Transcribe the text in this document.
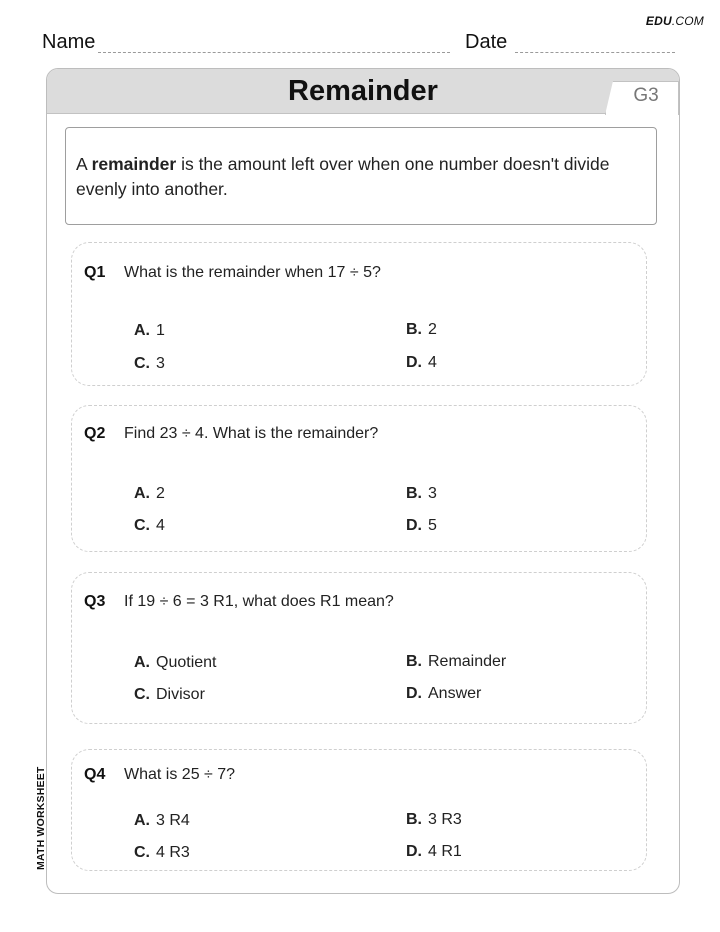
EDU.COM
Name	Date
Remainder	G3
A remainder is the amount left over when one number doesn't divide evenly into another.
Q1 What is the remainder when 17 ÷ 5?
A. 1	B. 2
C. 3	D. 4
Q2 Find 23 ÷ 4. What is the remainder?
A. 2	B. 3
C. 4	D. 5
Q3 If 19 ÷ 6 = 3 R1, what does R1 mean?
A. Quotient	B. Remainder
C. Divisor	D. Answer
Q4 What is 25 ÷ 7?
A. 3 R4	B. 3 R3
C. 4 R3	D. 4 R1
MATH WORKSHEET
